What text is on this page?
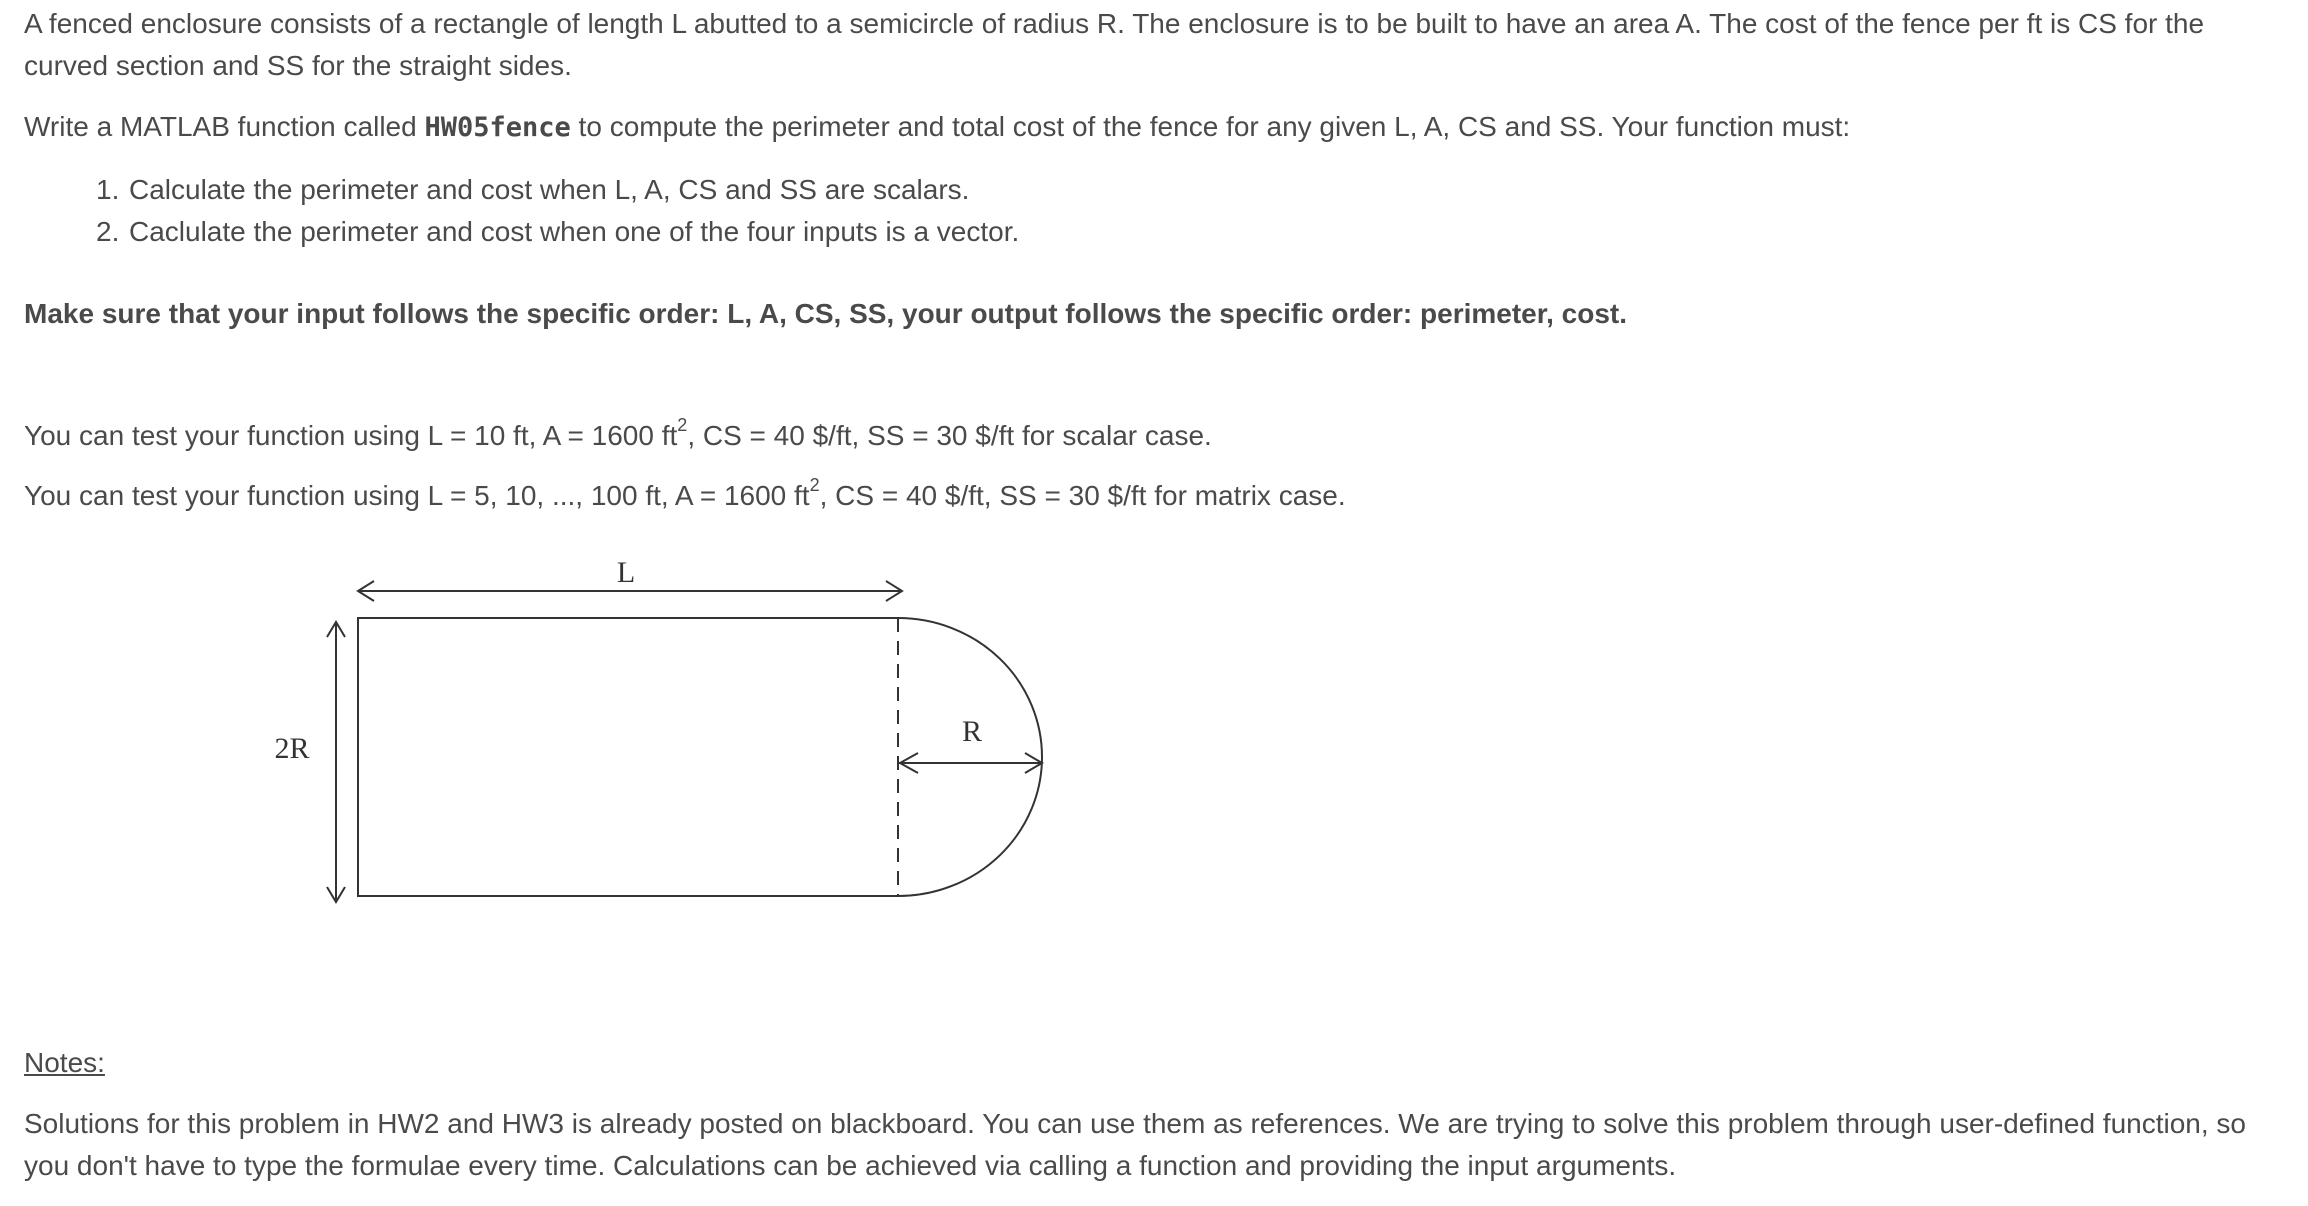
A fenced enclosure consists of a rectangle of length L abutted to a semicircle of radius R. The enclosure is to be built to have an area A. The cost of the fence per ft is CS for the curved section and SS for the straight sides.

Write a MATLAB function called HW05fence to compute the perimeter and total cost of the fence for any given L, A, CS and SS. Your function must:

1. Calculate the perimeter and cost when L, A, CS and SS are scalars.
2. Caclulate the perimeter and cost when one of the four inputs is a vector.

Make sure that your input follows the specific order: L, A, CS, SS, your output follows the specific order: perimeter, cost.

You can test your function using L = 10 ft, A = 1600 $ft^2$, CS = 40 $/ft, SS = 30 $/ft for scalar case.

You can test your function using L = 5, 10, ..., 100 ft, A = 1600 $ft^2$, CS = 40 $/ft, SS = 30 $/ft for matrix case.

L
2R
R

Notes:

Solutions for this problem in HW2 and HW3 is already posted on blackboard. You can use them as references. We are trying to solve this problem through user-defined function, so you don't have to type the formulae every time. Calculations can be achieved via calling a function and providing the input arguments.
